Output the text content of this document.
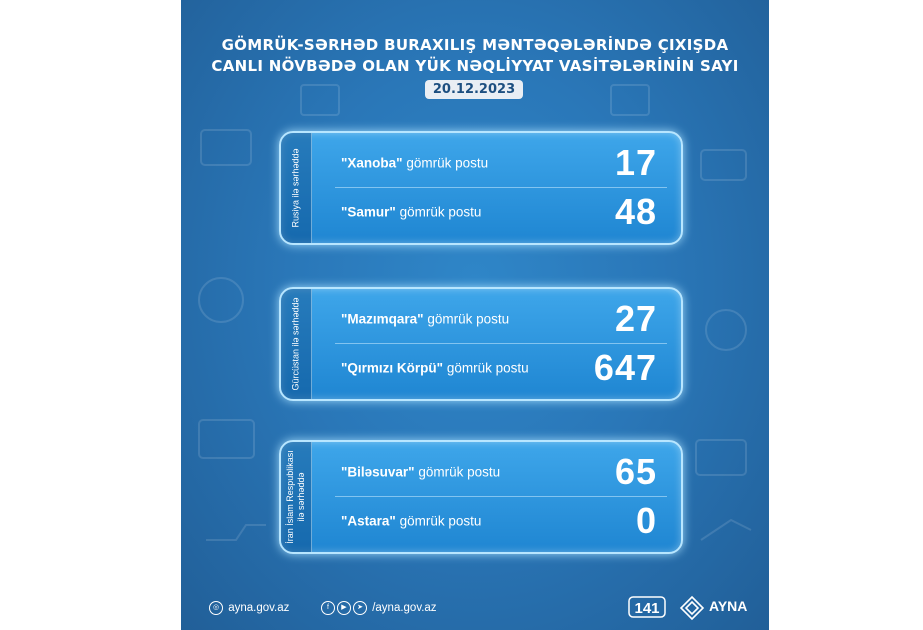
GÖMRÜK-SƏRHƏD BURAXILIŞ MƏNTƏQƏLƏRİNDƏ ÇIXIŞDA
CANLI NÖVBƏDƏ OLAN YÜK NƏQLİYYAT VASİTƏLƏRİNİN SAYI
20.12.2023
Rusiya ilə sərhəddə	"Xanoba" gömrük postu	17
"Samur" gömrük postu	48
Gürcüstan ilə sərhəddə	"Mazımqara" gömrük postu	27
"Qırmızı Körpü" gömrük postu 647
İran İslam Respublikası ilə sərhəddə
"Biləsuvar" gömrük postu	65
"Astara" gömrük postu	0
◎ ayna.gov.az	f ▶ ➤ /ayna.gov.az	141	AYNA
